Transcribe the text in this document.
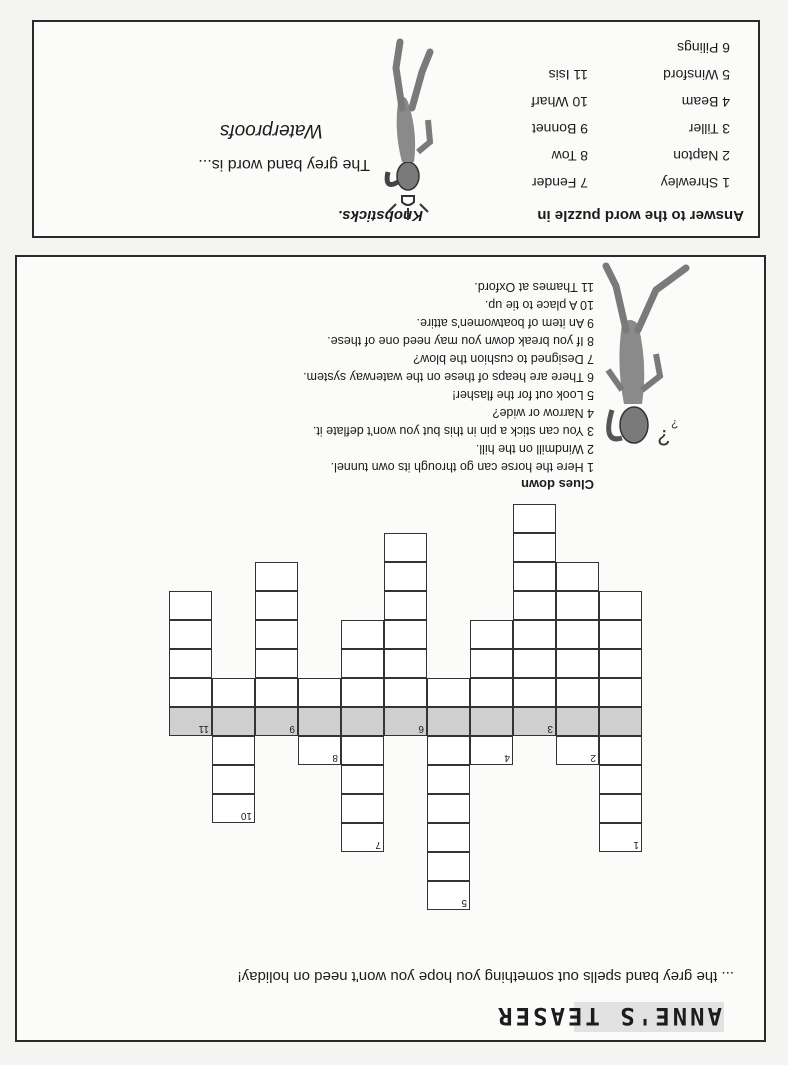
Answer to the word puzzle in
Knobsticks.
1 Shrewley
2 Napton
3 Tiller
4 Beam
5 Winsford
6 Pilings
7 Fender
8 Tow
9 Bonnet
10 Wharf
11 Isis
The grey band word is...
Waterproofs
ANNE'S TEASER
... the grey band spells out something you hope you won't need on holiday!
1
2
3
4
5
6
7
8
9
10
11
Clues down
1 Here the horse can go through its own tunnel.
2 Windmill on the hill.
3 You can stick a pin in this but you won't deflate it.
4 Narrow or wide?
5 Look out for the flasher!
6 There are heaps of these on the waterway system.
7 Designed to cushion the blow?
8 If you break down you may need one of these.
9 An item of boatwomen's attire.
10 A place to tie up.
11 Thames at Oxford.
?
?
